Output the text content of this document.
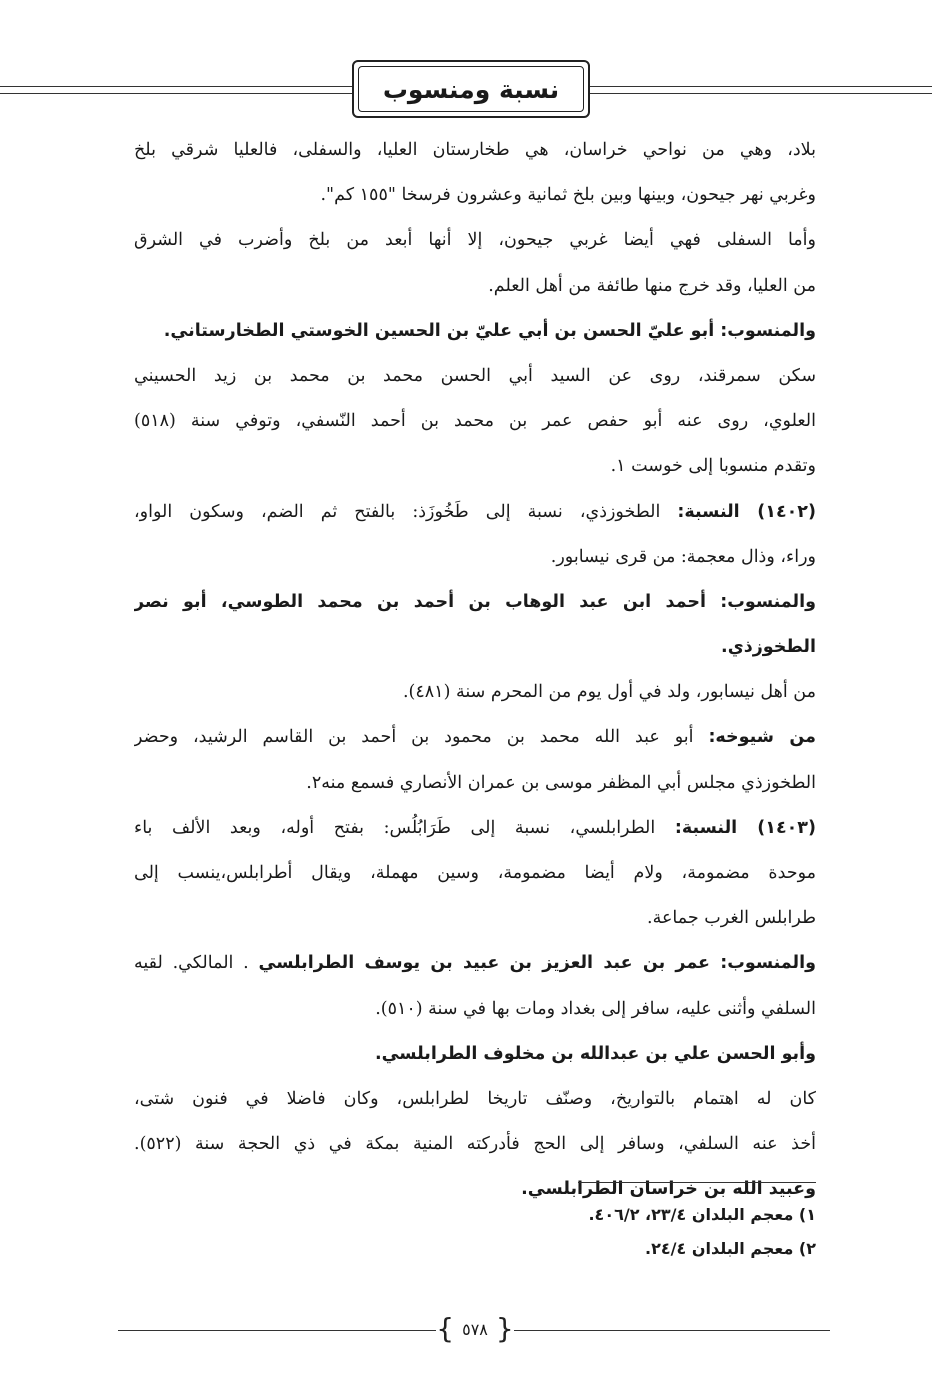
نسبة ومنسوب
بلاد، وهي من نواحي خراسان، هي طخارستان العليا، والسفلى، فالعليا شرقي بلخ
وغربي نهر جيحون، وبينها وبين بلخ ثمانية وعشرون فرسخا "١٥٥ كم".
وأما السفلى فهي أيضا غربي جيحون، إلا أنها أبعد من بلخ وأضرب في الشرق
من العليا، وقد خرج منها طائفة من أهل العلم.
والمنسوب: أبو عليّ الحسن بن أبي عليّ بن الحسين الخوستي الطخارستاني.
سكن سمرقند، روى عن السيد أبي الحسن محمد بن محمد بن زيد الحسيني
العلوي، روى عنه أبو حفص عمر بن محمد بن أحمد النّسفي، وتوفي سنة (٥١٨)
وتقدم منسوبا إلى خوست ١.
(١٤٠٢) النسبة: الطخوزذي، نسبة إلى طَخُوزَذ: بالفتح ثم الضم، وسكون الواو،
وراء، وذال معجمة: من قرى نيسابور.
والمنسوب: أحمد ابن عبد الوهاب بن أحمد بن محمد الطوسي، أبو نصر
الطخوزذي.
من أهل نيسابور، ولد في أول يوم من المحرم سنة (٤٨١).
من شيوخه: أبو عبد الله محمد بن محمود بن أحمد بن القاسم الرشيد، وحضر
الطخوزذي مجلس أبي المظفر موسى بن عمران الأنصاري فسمع منه٢.
(١٤٠٣) النسبة: الطرابلسي، نسبة إلى طَرَابُلُس: بفتح أوله، وبعد الألف باء
موحدة مضمومة، ولام أيضا مضمومة، وسين مهملة، ويقال أطرابلس،ينسب إلى
طرابلس الغرب جماعة.
والمنسوب: عمر بن عبد العزيز بن عبيد بن يوسف الطرابلسي . المالكي. لقيه
السلفي وأثنى عليه، سافر إلى بغداد ومات بها في سنة (٥١٠).
وأبو الحسن علي بن عبدالله بن مخلوف الطرابلسي.
كان له اهتمام بالتواريخ، وصنّف تاريخا لطرابلس، وكان فاضلا في فنون شتى،
أخذ عنه السلفي، وسافر إلى الحج فأدركته المنية بمكة في ذي الحجة سنة (٥٢٢).
وعبيد الله بن خراسان الطرابلسي.
١) معجم البلدان ٢٣/٤، ٤٠٦/٢.
٢) معجم البلدان ٢٤/٤.
{ ٥٧٨ }
